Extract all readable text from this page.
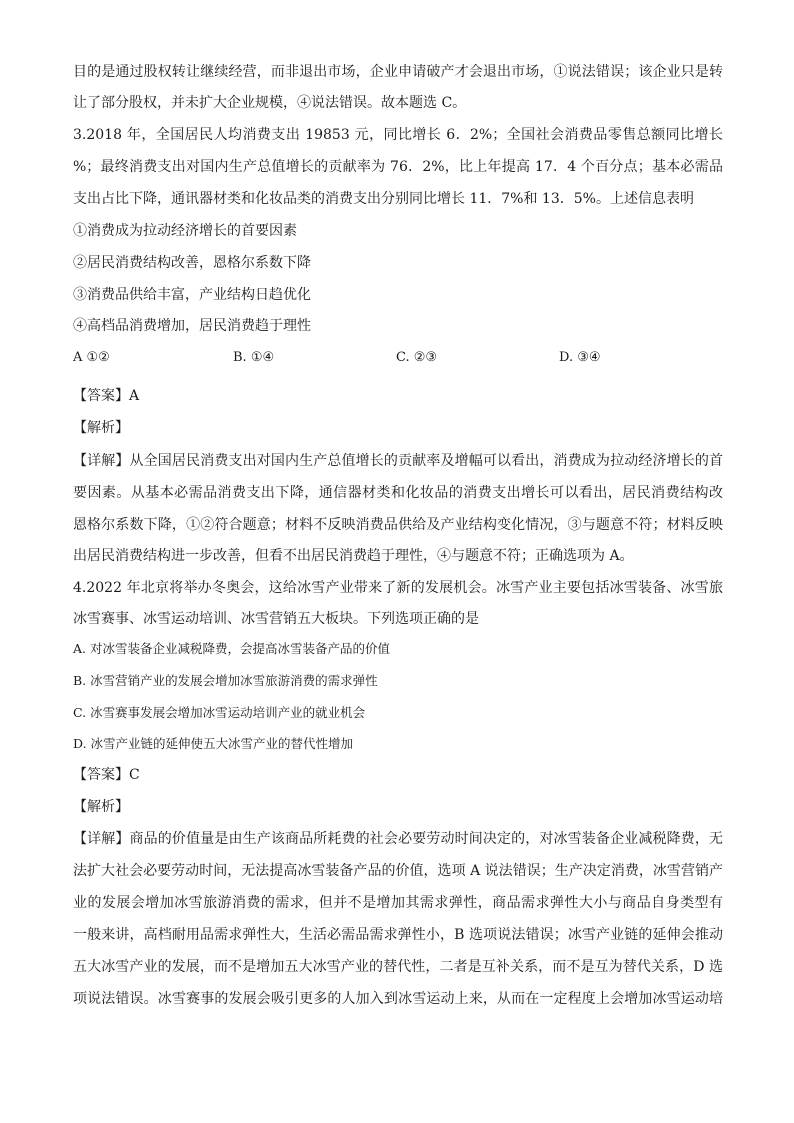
目的是通过股权转让继续经营，而非退出市场，企业申请破产才会退出市场，①说法错误；该企业只是转
让了部分股权，并未扩大企业规模，④说法错误。故本题选 C。
3.2018 年，全国居民人均消费支出 19853 元，同比增长 6．2%；全国社会消费品零售总额同比增长
%；最终消费支出对国内生产总值增长的贡献率为 76．2%，比上年提高 17．4 个百分点；基本必需品
支出占比下降，通讯器材类和化妆品类的消费支出分别同比增长 11．7%和 13．5%。上述信息表明
①消费成为拉动经济增长的首要因素
②居民消费结构改善，恩格尔系数下降
③消费品供给丰富，产业结构日趋优化
④高档品消费增加，居民消费趋于理性
A ①②	B. ①④	C. ②③	D. ③④
【答案】A
【解析】
【详解】从全国居民消费支出对国内生产总值增长的贡献率及增幅可以看出，消费成为拉动经济增长的首
要因素。从基本必需品消费支出下降，通信器材类和化妆品的消费支出增长可以看出，居民消费结构改
恩格尔系数下降，①②符合题意；材料不反映消费品供给及产业结构变化情况，③与题意不符；材料反映
出居民消费结构进一步改善，但看不出居民消费趋于理性，④与题意不符；正确选项为 A。
4.2022 年北京将举办冬奥会，这给冰雪产业带来了新的发展机会。冰雪产业主要包括冰雪装备、冰雪旅
冰雪赛事、冰雪运动培训、冰雪营销五大板块。下列选项正确的是
A. 对冰雪装备企业减税降费，会提高冰雪装备产品的价值
B. 冰雪营销产业的发展会增加冰雪旅游消费的需求弹性
C. 冰雪赛事发展会增加冰雪运动培训产业的就业机会
D. 冰雪产业链的延伸使五大冰雪产业的替代性增加
【答案】C
【解析】
【详解】商品的价值量是由生产该商品所耗费的社会必要劳动时间决定的，对冰雪装备企业减税降费，无
法扩大社会必要劳动时间，无法提高冰雪装备产品的价值，选项 A 说法错误；生产决定消费，冰雪营销产
业的发展会增加冰雪旅游消费的需求，但并不是增加其需求弹性，商品需求弹性大小与商品自身类型有
一般来讲，高档耐用品需求弹性大，生活必需品需求弹性小，B 选项说法错误；冰雪产业链的延伸会推动
五大冰雪产业的发展，而不是增加五大冰雪产业的替代性，二者是互补关系，而不是互为替代关系，D 选
项说法错误。冰雪赛事的发展会吸引更多的人加入到冰雪运动上来，从而在一定程度上会增加冰雪运动培
